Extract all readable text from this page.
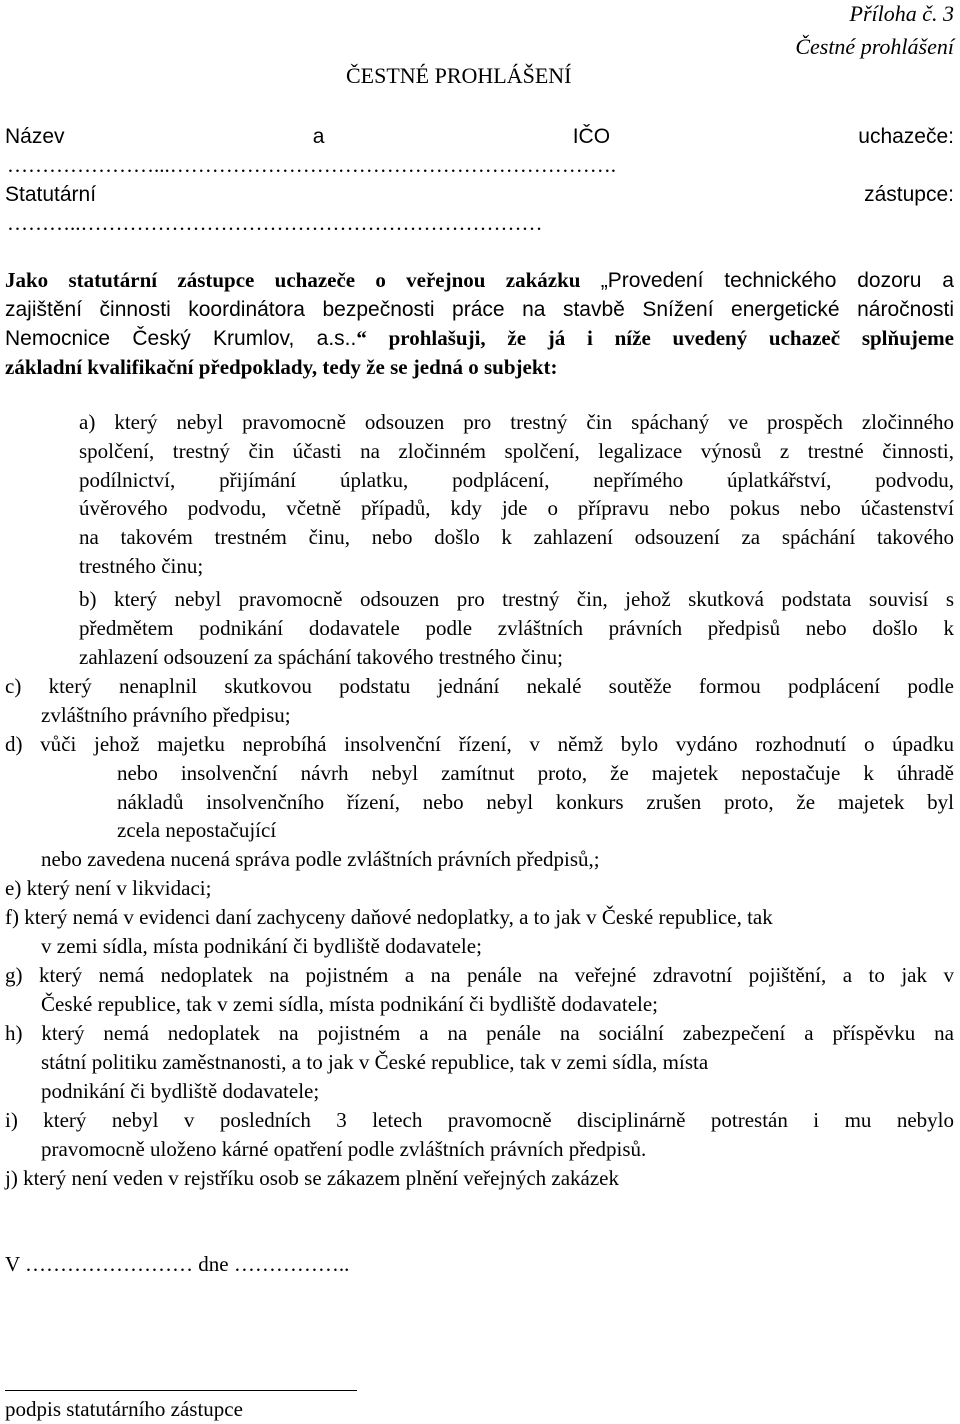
Příloha č. 3
Čestné prohlášení
ČESTNÉ PROHLÁŠENÍ
Název	a	IČO	uchazeče:
…………………...……………………………………………………….
Statutární	zástupce:
………..…………………………………………………………
Jako statutární zástupce uchazeče o veřejnou zakázku „Provedení technického dozoru a
zajištění činnosti koordinátora bezpečnosti práce na stavbě Snížení energetické náročnosti
Nemocnice Český Krumlov, a.s..“ prohlašuji, že já i níže uvedený uchazeč splňujeme
základní kvalifikační předpoklady, tedy že se jedná o subjekt:

a) který nebyl pravomocně odsouzen pro trestný čin spáchaný ve prospěch zločinného

spolčení, trestný čin účasti na zločinném spolčení, legalizace výnosů z trestné činnosti,

podílnictví, přijímání úplatku, podplácení, nepřímého úplatkářství, podvodu,

úvěrového podvodu, včetně případů, kdy jde o přípravu nebo pokus nebo účastenství

na takovém trestném činu, nebo došlo k zahlazení odsouzení za spáchání takového

trestného činu;

b) který nebyl pravomocně odsouzen pro trestný čin, jehož skutková podstata souvisí s

předmětem podnikání dodavatele podle zvláštních právních předpisů nebo došlo k

zahlazení odsouzení za spáchání takového trestného činu;

c) který nenaplnil skutkovou podstatu jednání nekalé soutěže formou podplácení podle

zvláštního právního předpisu;

d) vůči jehož majetku neprobíhá insolvenční řízení, v němž bylo vydáno rozhodnutí o úpadku

nebo insolvenční návrh nebyl zamítnut proto, že majetek nepostačuje k úhradě

nákladů insolvenčního řízení, nebo nebyl konkurs zrušen proto, že majetek byl

zcela nepostačující

nebo zavedena nucená správa podle zvláštních právních předpisů,;

e) který není v likvidaci;

f) který nemá v evidenci daní zachyceny daňové nedoplatky, a to jak v České republice, tak

v zemi sídla, místa podnikání či bydliště dodavatele;

g) který nemá nedoplatek na pojistném a na penále na veřejné zdravotní pojištění, a to jak v

České republice, tak v zemi sídla, místa podnikání či bydliště dodavatele;

h) který nemá nedoplatek na pojistném a na penále na sociální zabezpečení a příspěvku na

státní politiku zaměstnanosti, a to jak v České republice, tak v zemi sídla, místa

podnikání či bydliště dodavatele;

i) který nebyl v posledních 3 letech pravomocně disciplinárně potrestán i mu nebylo

pravomocně uloženo kárné opatření podle zvláštních právních předpisů.

j) který není veden v rejstříku osob se zákazem plnění veřejných zakázek

V …………………… dne ……………..
podpis statutárního zástupce
